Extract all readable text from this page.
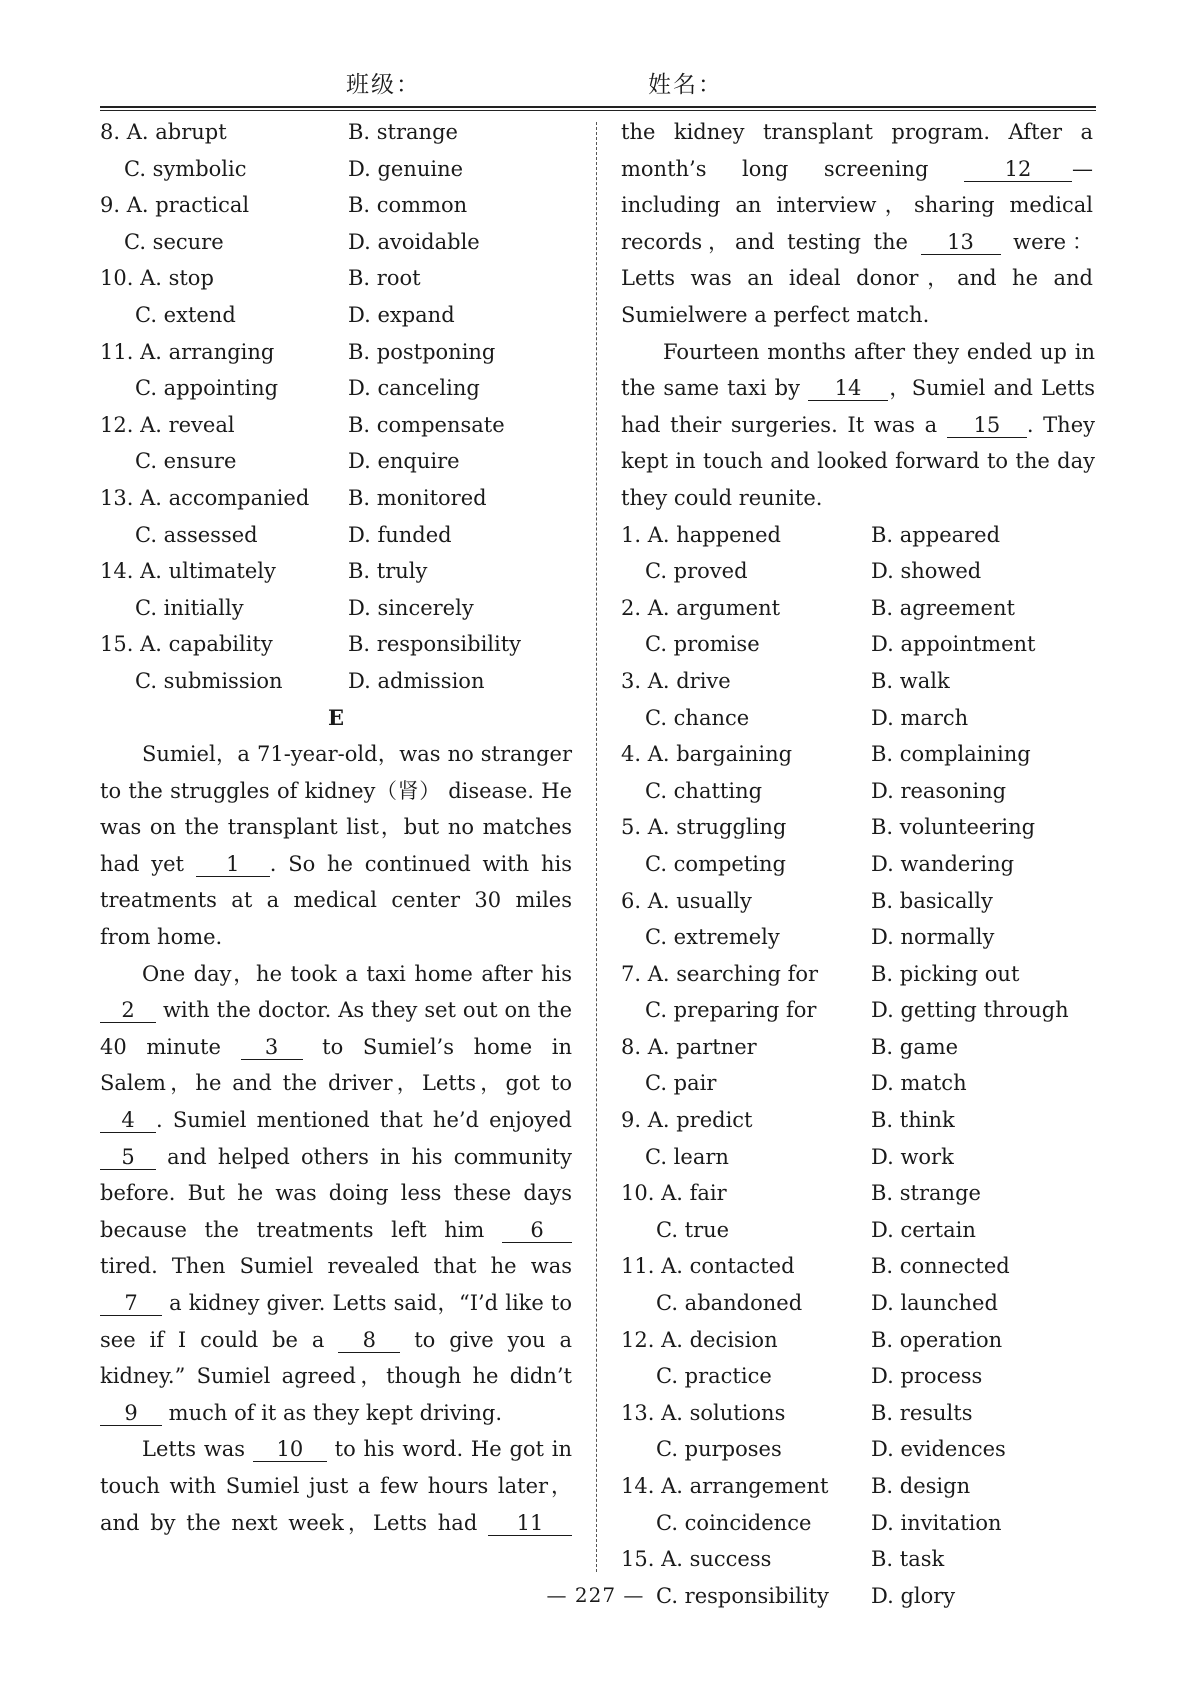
班级：	姓名：
8. A. abrupt	B. strange
C. symbolic	D. genuine
9. A. practical	B. common
C. secure	D. avoidable
10. A. stop	B. root
C. extend	D. expand
11. A. arranging	B. postponing
C. appointing	D. canceling
12. A. reveal	B. compensate
C. ensure	D. enquire
13. A. accompanied B. monitored
C. assessed	D. funded
14. A. ultimately	B. truly
C. initially	D. sincerely
15. A. capability	B. responsibility
C. submission	D. admission
E

Sumiel，a 71-year-old，was no stranger to the struggles of kidney（肾） disease. He was on the transplant list，but no matches had yet 1 . So he continued with his treatments at a medical center 30 miles from home.

One day，he took a taxi home after his 2 with the doctor. As they set out on the 40 minute 3 to Sumiel’s home in Salem，he and the driver，Letts，got to 4 . Sumiel mentioned that he’d enjoyed 5 and helped others in his community before. But he was doing less these days because the treatments left him 6 tired. Then Sumiel revealed that he was 7 a kidney giver. Letts said，“I’d like to see if I could be a 8 to give you a kidney.” Sumiel agreed，though he didn’t 9 much of it as they kept driving.

Letts was 10 to his word. He got in touch with Sumiel just a few hours later，and by the next week，Letts had 11

the kidney transplant program. After a month’s long screening 12 —including an interview，sharing medical records，and testing the 13 were：Letts was an ideal donor，and he and Sumielwere a perfect match.

Fourteen months after they ended up in the same taxi by 14 ，Sumiel and Letts had their surgeries. It was a 15 . They kept in touch and looked forward to the day they could reunite.

1. A. happened	B. appeared
C. proved	D. showed
2. A. argument	B. agreement
C. promise	D. appointment
3. A. drive	B. walk
C. chance	D. march
4. A. bargaining	B. complaining
C. chatting	D. reasoning
5. A. struggling	B. volunteering
C. competing	D. wandering
6. A. usually	B. basically
C. extremely	D. normally
7. A. searching for	B. picking out
C. preparing for	D. getting through
8. A. partner	B. game
C. pair	D. match
9. A. predict	B. think
C. learn	D. work
10. A. fair	B. strange
C. true	D. certain
11. A. contacted	B. connected
C. abandoned	D. launched
12. A. decision	B. operation
C. practice	D. process
13. A. solutions	B. results
C. purposes	D. evidences
14. A. arrangement B. design
C. coincidence	D. invitation
15. A. success	B. task
C. responsibility D. glory
— 227 —
